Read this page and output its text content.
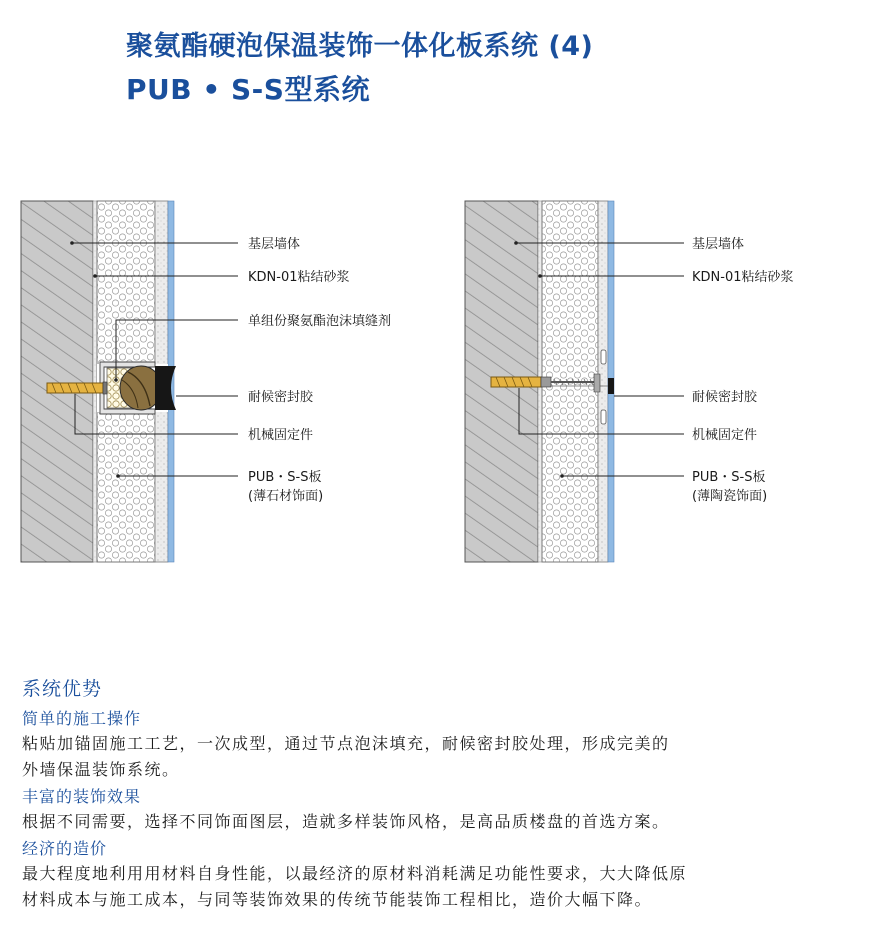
聚氨酯硬泡保温装饰一体化板系统 (4)
PUB • S-S型系统
基层墙体
KDN-01粘结砂浆
单组份聚氨酯泡沫填缝剂
耐候密封胶
机械固定件
PUB・S-S板
(薄石材饰面)
基层墙体
KDN-01粘结砂浆
耐候密封胶
机械固定件
PUB・S-S板
(薄陶瓷饰面)

系统优势

简单的施工操作

粘贴加锚固施工工艺，一次成型，通过节点泡沫填充，耐候密封胶处理，形成完美的
外墙保温装饰系统。

丰富的装饰效果

根据不同需要，选择不同饰面图层，造就多样装饰风格，是高品质楼盘的首选方案。

经济的造价

最大程度地利用用材料自身性能，以最经济的原材料消耗满足功能性要求，大大降低原
材料成本与施工成本，与同等装饰效果的传统节能装饰工程相比，造价大幅下降。
